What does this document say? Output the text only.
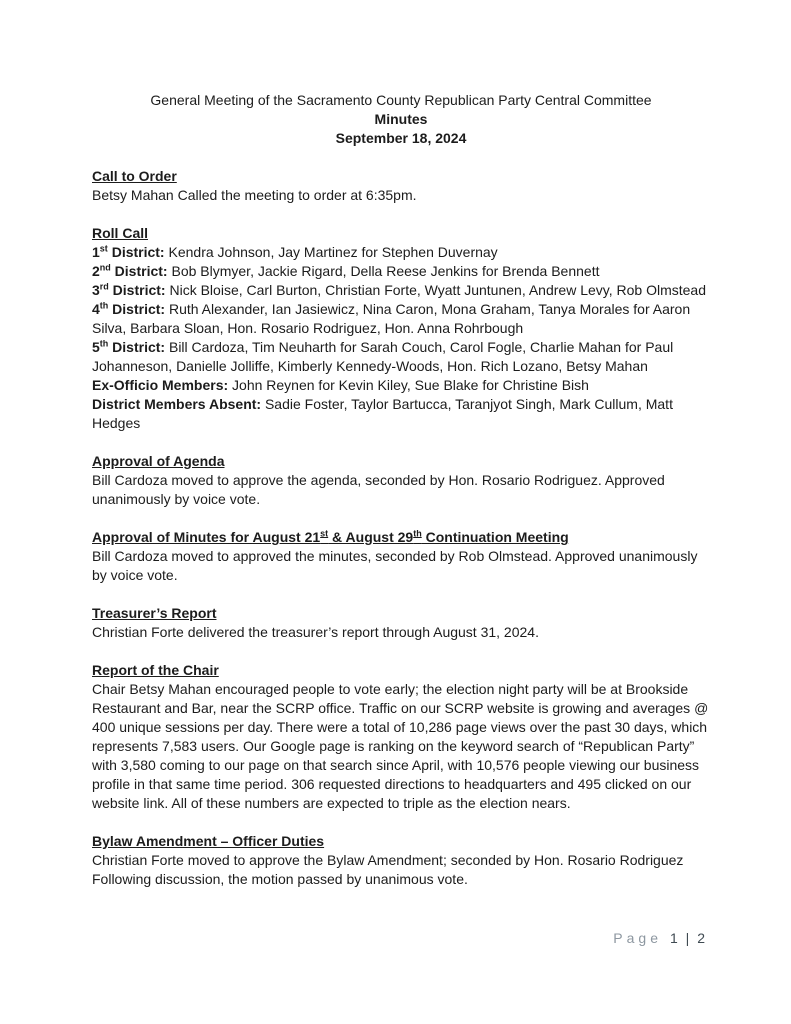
General Meeting of the Sacramento County Republican Party Central Committee
Minutes
September 18, 2024
Call to Order
Betsy Mahan Called the meeting to order at 6:35pm.
Roll Call
1st District: Kendra Johnson, Jay Martinez for Stephen Duvernay
2nd District: Bob Blymyer, Jackie Rigard, Della Reese Jenkins for Brenda Bennett
3rd District: Nick Bloise, Carl Burton, Christian Forte, Wyatt Juntunen, Andrew Levy, Rob Olmstead
4th District: Ruth Alexander, Ian Jasiewicz, Nina Caron, Mona Graham, Tanya Morales for Aaron Silva, Barbara Sloan, Hon. Rosario Rodriguez, Hon. Anna Rohrbough
5th District: Bill Cardoza, Tim Neuharth for Sarah Couch, Carol Fogle, Charlie Mahan for Paul Johanneson, Danielle Jolliffe, Kimberly Kennedy-Woods, Hon. Rich Lozano, Betsy Mahan
Ex-Officio Members: John Reynen for Kevin Kiley, Sue Blake for Christine Bish
District Members Absent: Sadie Foster, Taylor Bartucca, Taranjyot Singh, Mark Cullum, Matt Hedges
Approval of Agenda
Bill Cardoza moved to approve the agenda, seconded by Hon. Rosario Rodriguez. Approved unanimously by voice vote.
Approval of Minutes for August 21st & August 29th Continuation Meeting
Bill Cardoza moved to approved the minutes, seconded by Rob Olmstead. Approved unanimously by voice vote.
Treasurer’s Report
Christian Forte delivered the treasurer’s report through August 31, 2024.
Report of the Chair
Chair Betsy Mahan encouraged people to vote early; the election night party will be at Brookside Restaurant and Bar, near the SCRP office. Traffic on our SCRP website is growing and averages @ 400 unique sessions per day. There were a total of 10,286 page views over the past 30 days, which represents 7,583 users. Our Google page is ranking on the keyword search of “Republican Party” with 3,580 coming to our page on that search since April, with 10,576 people viewing our business profile in that same time period. 306 requested directions to headquarters and 495 clicked on our website link. All of these numbers are expected to triple as the election nears.
Bylaw Amendment – Officer Duties
Christian Forte moved to approve the Bylaw Amendment; seconded by Hon. Rosario Rodriguez Following discussion, the motion passed by unanimous vote.
Page 1 | 2
